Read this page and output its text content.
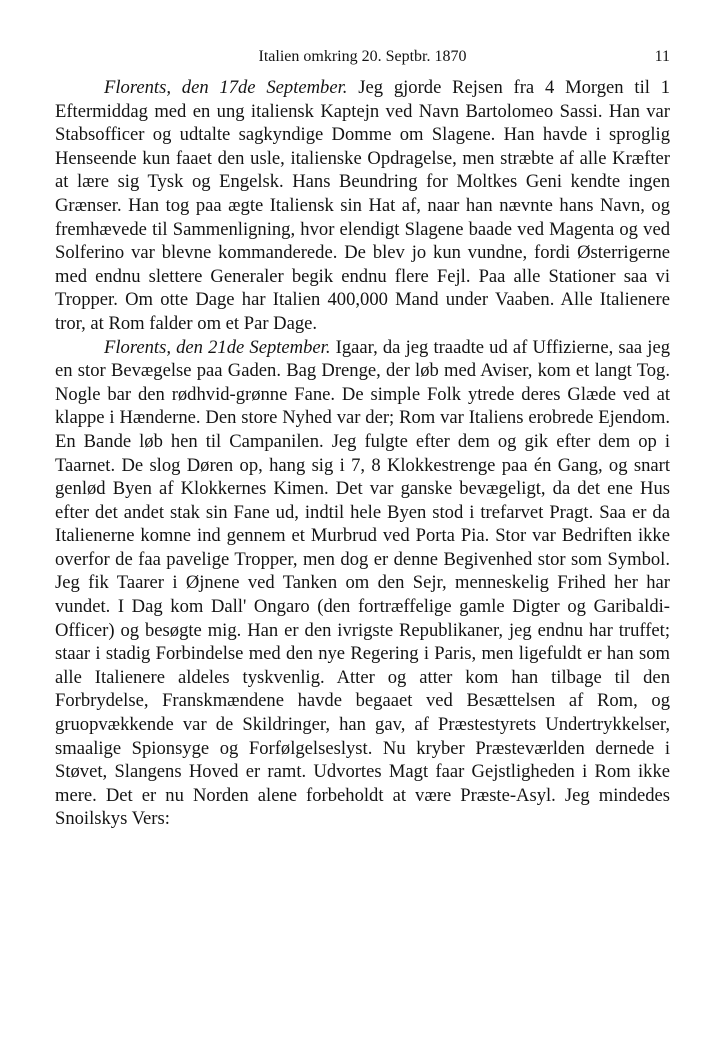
Italien omkring 20. Septbr. 1870	11

Florents, den 17de September. Jeg gjorde Rejsen fra 4 Morgen til 1 Eftermiddag med en ung italiensk Kaptejn ved Navn Bartolomeo Sassi. Han var Stabsofficer og udtalte sagkyndige Domme om Slagene. Han havde i sproglig Henseende kun faaet den usle, italienske Opdragelse, men stræbte af alle Kræfter at lære sig Tysk og Engelsk. Hans Beundring for Moltkes Geni kendte ingen Grænser. Han tog paa ægte Italiensk sin Hat af, naar han nævnte hans Navn, og fremhævede til Sammenligning, hvor elendigt Slagene baade ved Magenta og ved Solferino var blevne kommanderede. De blev jo kun vundne, fordi Østerrigerne med endnu slettere Generaler begik endnu flere Fejl. Paa alle Stationer saa vi Tropper. Om otte Dage har Italien 400,000 Mand under Vaaben. Alle Italienere tror, at Rom falder om et Par Dage.

Florents, den 21de September. Igaar, da jeg traadte ud af Uffizierne, saa jeg en stor Bevægelse paa Gaden. Bag Drenge, der løb med Aviser, kom et langt Tog. Nogle bar den rødhvid-grønne Fane. De simple Folk ytrede deres Glæde ved at klappe i Hænderne. Den store Nyhed var der; Rom var Italiens erobrede Ejendom. En Bande løb hen til Campanilen. Jeg fulgte efter dem og gik efter dem op i Taarnet. De slog Døren op, hang sig i 7, 8 Klokkestrenge paa én Gang, og snart genlød Byen af Klokkernes Kimen. Det var ganske bevægeligt, da det ene Hus efter det andet stak sin Fane ud, indtil hele Byen stod i trefarvet Pragt. Saa er da Italienerne komne ind gennem et Murbrud ved Porta Pia. Stor var Bedriften ikke overfor de faa pavelige Tropper, men dog er denne Begivenhed stor som Symbol. Jeg fik Taarer i Øjnene ved Tanken om den Sejr, menneskelig Frihed her har vundet. I Dag kom Dall' Ongaro (den fortræffelige gamle Digter og Garibaldi-Officer) og besøgte mig. Han er den ivrigste Republikaner, jeg endnu har truffet; staar i stadig Forbindelse med den nye Regering i Paris, men ligefuldt er han som alle Italienere aldeles tyskvenlig. Atter og atter kom han tilbage til den Forbrydelse, Franskmændene havde begaaet ved Besættelsen af Rom, og gruopvækkende var de Skildringer, han gav, af Præstestyrets Undertrykkelser, smaalige Spionsyge og Forfølgelseslyst. Nu kryber Præsteværlden dernede i Støvet, Slangens Hoved er ramt. Udvortes Magt faar Gejstligheden i Rom ikke mere. Det er nu Norden alene forbeholdt at være Præste-Asyl. Jeg mindedes Snoilskys Vers:
